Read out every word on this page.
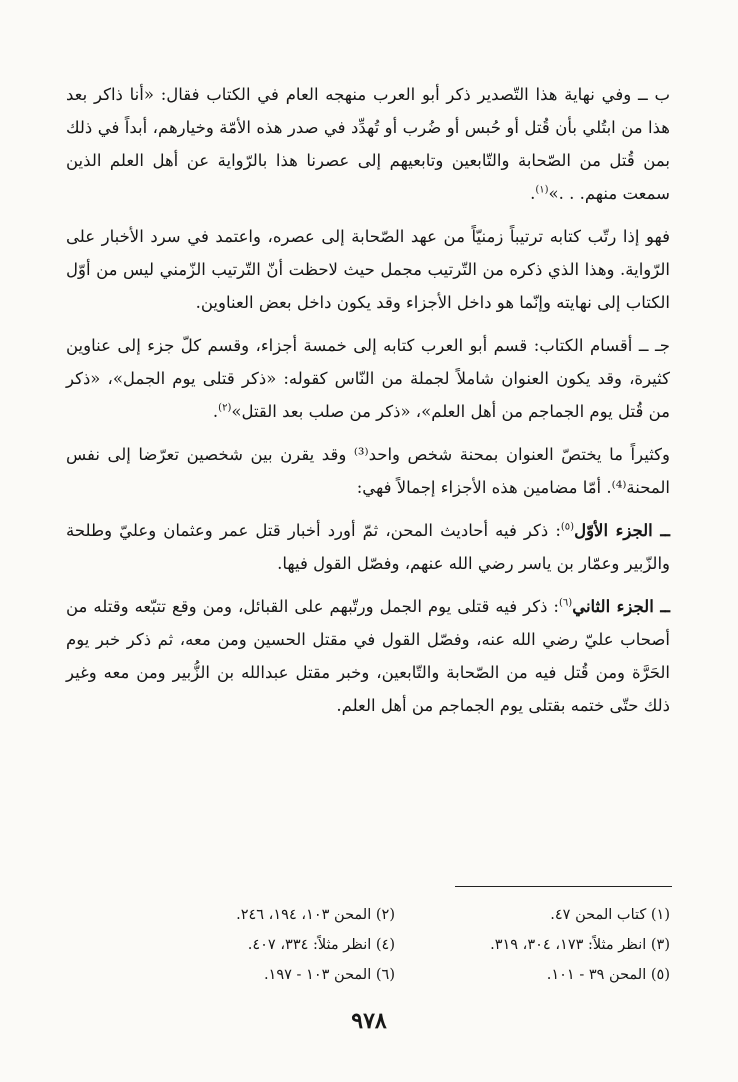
ب ــ وفي نهاية هذا التّصدير ذكر أبو العرب منهجه العام في الكتاب فقال: «أنا ذاكر بعد هذا من ابتُلي بأن قُتل أو حُبس أو ضُرب أو تُهدِّد في صدر هذه الأمّة وخيارهم، أبداً في ذلك بمن قُتل من الصّحابة والتّابعين وتابعيهم إلى عصرنا هذا بالرّواية عن أهل العلم الذين سمعت منهم. . .»$^{(١)}$.

فهو إذا رتّب كتابه ترتيباً زمنيّاً من عهد الصّحابة إلى عصره، واعتمد في سرد الأخبار على الرّواية. وهذا الذي ذكره من التّرتيب مجمل حيث لاحظت أنّ التّرتيب الزّمني ليس من أوّل الكتاب إلى نهايته وإنّما هو داخل الأجزاء وقد يكون داخل بعض العناوين.

جـ ــ أقسام الكتاب: قسم أبو العرب كتابه إلى خمسة أجزاء، وقسم كلّ جزء إلى عناوين كثيرة، وقد يكون العنوان شاملاً لجملة من النّاس كقوله: «ذكر قتلى يوم الجمل»، «ذكر من قُتل يوم الجماجم من أهل العلم»، «ذكر من صلب بعد القتل»$^{(٢)}$.

وكثيراً ما يختصّ العنوان بمحنة شخص واحد⁽³⁾ وقد يقرن بين شخصين تعرّضا إلى نفس المحنة⁽⁴⁾. أمّا مضامين هذه الأجزاء إجمالاً فهي:

ــ الجزء الأوّل$^{(٥)}$: ذكر فيه أحاديث المحن، ثمّ أورد أخبار قتل عمر وعثمان وعليّ وطلحة والزّبير وعمّار بن ياسر رضي الله عنهم، وفصّل القول فيها.

ــ الجزء الثاني$^{(٦)}$: ذكر فيه قتلى يوم الجمل ورتّبهم على القبائل، ومن وقع تتبّعه وقتله من أصحاب عليّ رضي الله عنه، وفصّل القول في مقتل الحسين ومن معه، ثم ذكر خبر يوم الحَرَّة ومن قُتل فيه من الصّحابة والتّابعين، وخبر مقتل عبدالله بن الزُّبير ومن معه وغير ذلك حتّى ختمه بقتلى يوم الجماجم من أهل العلم.

(١) كتاب المحن ٤٧.
(٢) المحن ١٠٣، ١٩٤، ٢٤٦.
(٣) انظر مثلاً: ١٧٣، ٣٠٤، ٣١٩.
(٤) انظر مثلاً: ٣٣٤، ٤٠٧.
(٥) المحن ٣٩ - ١٠١.
(٦) المحن ١٠٣ - ١٩٧.
٩٧٨
